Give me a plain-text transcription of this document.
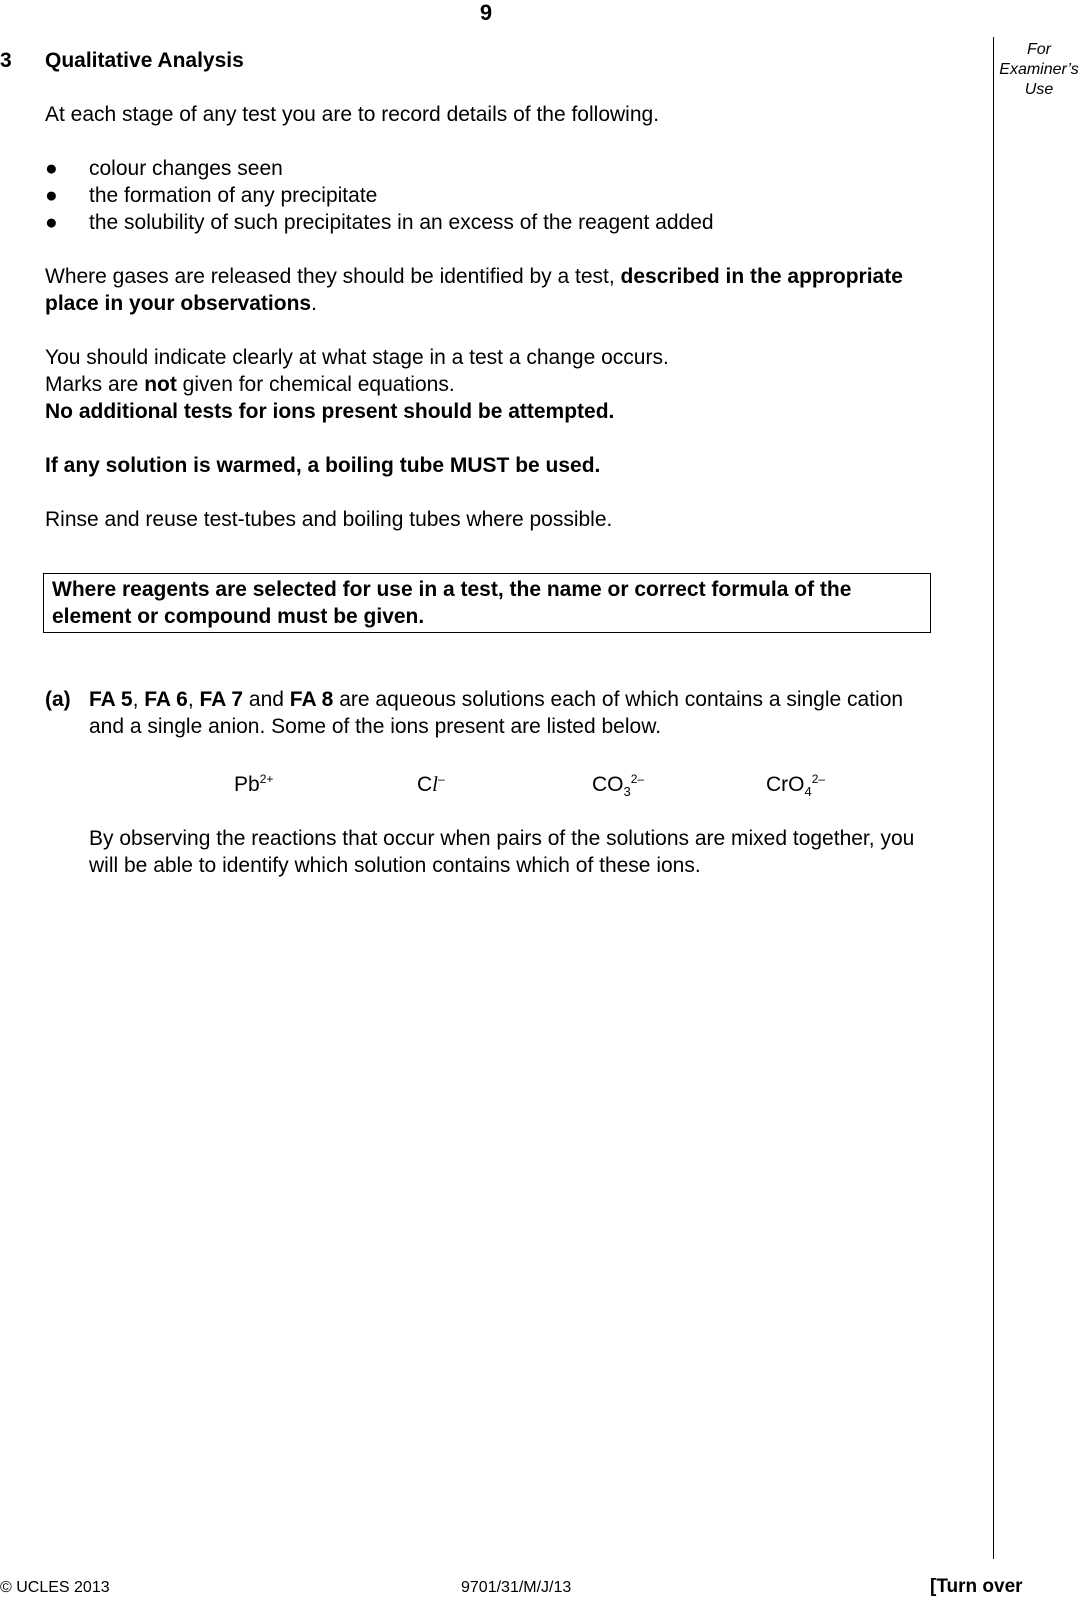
9
For
Examiner’s
Use
3 Qualitative Analysis
At each stage of any test you are to record details of the following.
● colour changes seen
● the formation of any precipitate
● the solubility of such precipitates in an excess of the reagent added
Where gases are released they should be identified by a test, described in the appropriate
place in your observations.
You should indicate clearly at what stage in a test a change occurs.
Marks are not given for chemical equations.
No additional tests for ions present should be attempted.
If any solution is warmed, a boiling tube MUST be used.
Rinse and reuse test-tubes and boiling tubes where possible.
Where reagents are selected for use in a test, the name or correct formula of the
element or compound must be given.
(a) FA 5, FA 6, FA 7 and FA 8 are aqueous solutions each of which contains a single cation
and a single anion. Some of the ions present are listed below.
$Pb^{2+}$	Cl–	$CO_3^{2-}$	CrO$_4^{2-}$
By observing the reactions that occur when pairs of the solutions are mixed together, you
will be able to identify which solution contains which of these ions.
© UCLES 2013	9701/31/M/J/13	[Turn over
